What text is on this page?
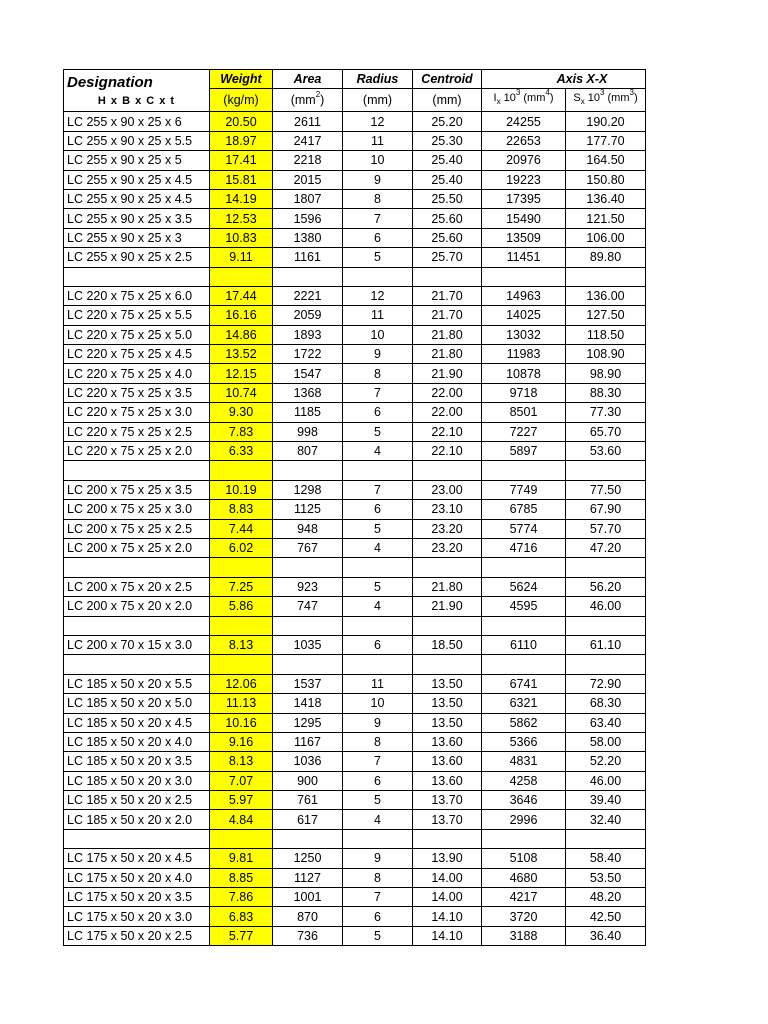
Designation
H x B x C x t	Weight	Area	Radius	Centroid	Axis X-X	
	(kg/m)	$(mm^2)$	(mm)	(mm)	$I_x$ $10^3$ $(mm^4)$	$S_x$ $10^3$ $(mm^3)$
LC 255 x 90 x 25 x 6	20.50	2611	12	25.20	24255	190.20
LC 255 x 90 x 25 x 5.5	18.97	2417	11	25.30	22653	177.70
LC 255 x 90 x 25 x 5	17.41	2218	10	25.40	20976	164.50
LC 255 x 90 x 25 x 4.5	15.81	2015	9	25.40	19223	150.80
LC 255 x 90 x 25 x 4.5	14.19	1807	8	25.50	17395	136.40
LC 255 x 90 x 25 x 3.5	12.53	1596	7	25.60	15490	121.50
LC 255 x 90 x 25 x 3	10.83	1380	6	25.60	13509	106.00
LC 255 x 90 x 25 x 2.5	9.11	1161	5	25.70	11451	89.80

LC 220 x 75 x 25 x 6.0	17.44	2221	12	21.70	14963	136.00
LC 220 x 75 x 25 x 5.5	16.16	2059	11	21.70	14025	127.50
LC 220 x 75 x 25 x 5.0	14.86	1893	10	21.80	13032	118.50
LC 220 x 75 x 25 x 4.5	13.52	1722	9	21.80	11983	108.90
LC 220 x 75 x 25 x 4.0	12.15	1547	8	21.90	10878	98.90
LC 220 x 75 x 25 x 3.5	10.74	1368	7	22.00	9718	88.30
LC 220 x 75 x 25 x 3.0	9.30	1185	6	22.00	8501	77.30
LC 220 x 75 x 25 x 2.5	7.83	998	5	22.10	7227	65.70
LC 220 x 75 x 25 x 2.0	6.33	807	4	22.10	5897	53.60

LC 200 x 75 x 25 x 3.5	10.19	1298	7	23.00	7749	77.50
LC 200 x 75 x 25 x 3.0	8.83	1125	6	23.10	6785	67.90
LC 200 x 75 x 25 x 2.5	7.44	948	5	23.20	5774	57.70
LC 200 x 75 x 25 x 2.0	6.02	767	4	23.20	4716	47.20

LC 200 x 75 x 20 x 2.5	7.25	923	5	21.80	5624	56.20
LC 200 x 75 x 20 x 2.0	5.86	747	4	21.90	4595	46.00

LC 200 x 70 x 15 x 3.0	8.13	1035	6	18.50	6110	61.10

LC 185 x 50 x 20 x 5.5	12.06	1537	11	13.50	6741	72.90
LC 185 x 50 x 20 x 5.0	11.13	1418	10	13.50	6321	68.30
LC 185 x 50 x 20 x 4.5	10.16	1295	9	13.50	5862	63.40
LC 185 x 50 x 20 x 4.0	9.16	1167	8	13.60	5366	58.00
LC 185 x 50 x 20 x 3.5	8.13	1036	7	13.60	4831	52.20
LC 185 x 50 x 20 x 3.0	7.07	900	6	13.60	4258	46.00
LC 185 x 50 x 20 x 2.5	5.97	761	5	13.70	3646	39.40
LC 185 x 50 x 20 x 2.0	4.84	617	4	13.70	2996	32.40

LC 175 x 50 x 20 x 4.5	9.81	1250	9	13.90	5108	58.40
LC 175 x 50 x 20 x 4.0	8.85	1127	8	14.00	4680	53.50
LC 175 x 50 x 20 x 3.5	7.86	1001	7	14.00	4217	48.20
LC 175 x 50 x 20 x 3.0	6.83	870	6	14.10	3720	42.50
LC 175 x 50 x 20 x 2.5	5.77	736	5	14.10	3188	36.40
